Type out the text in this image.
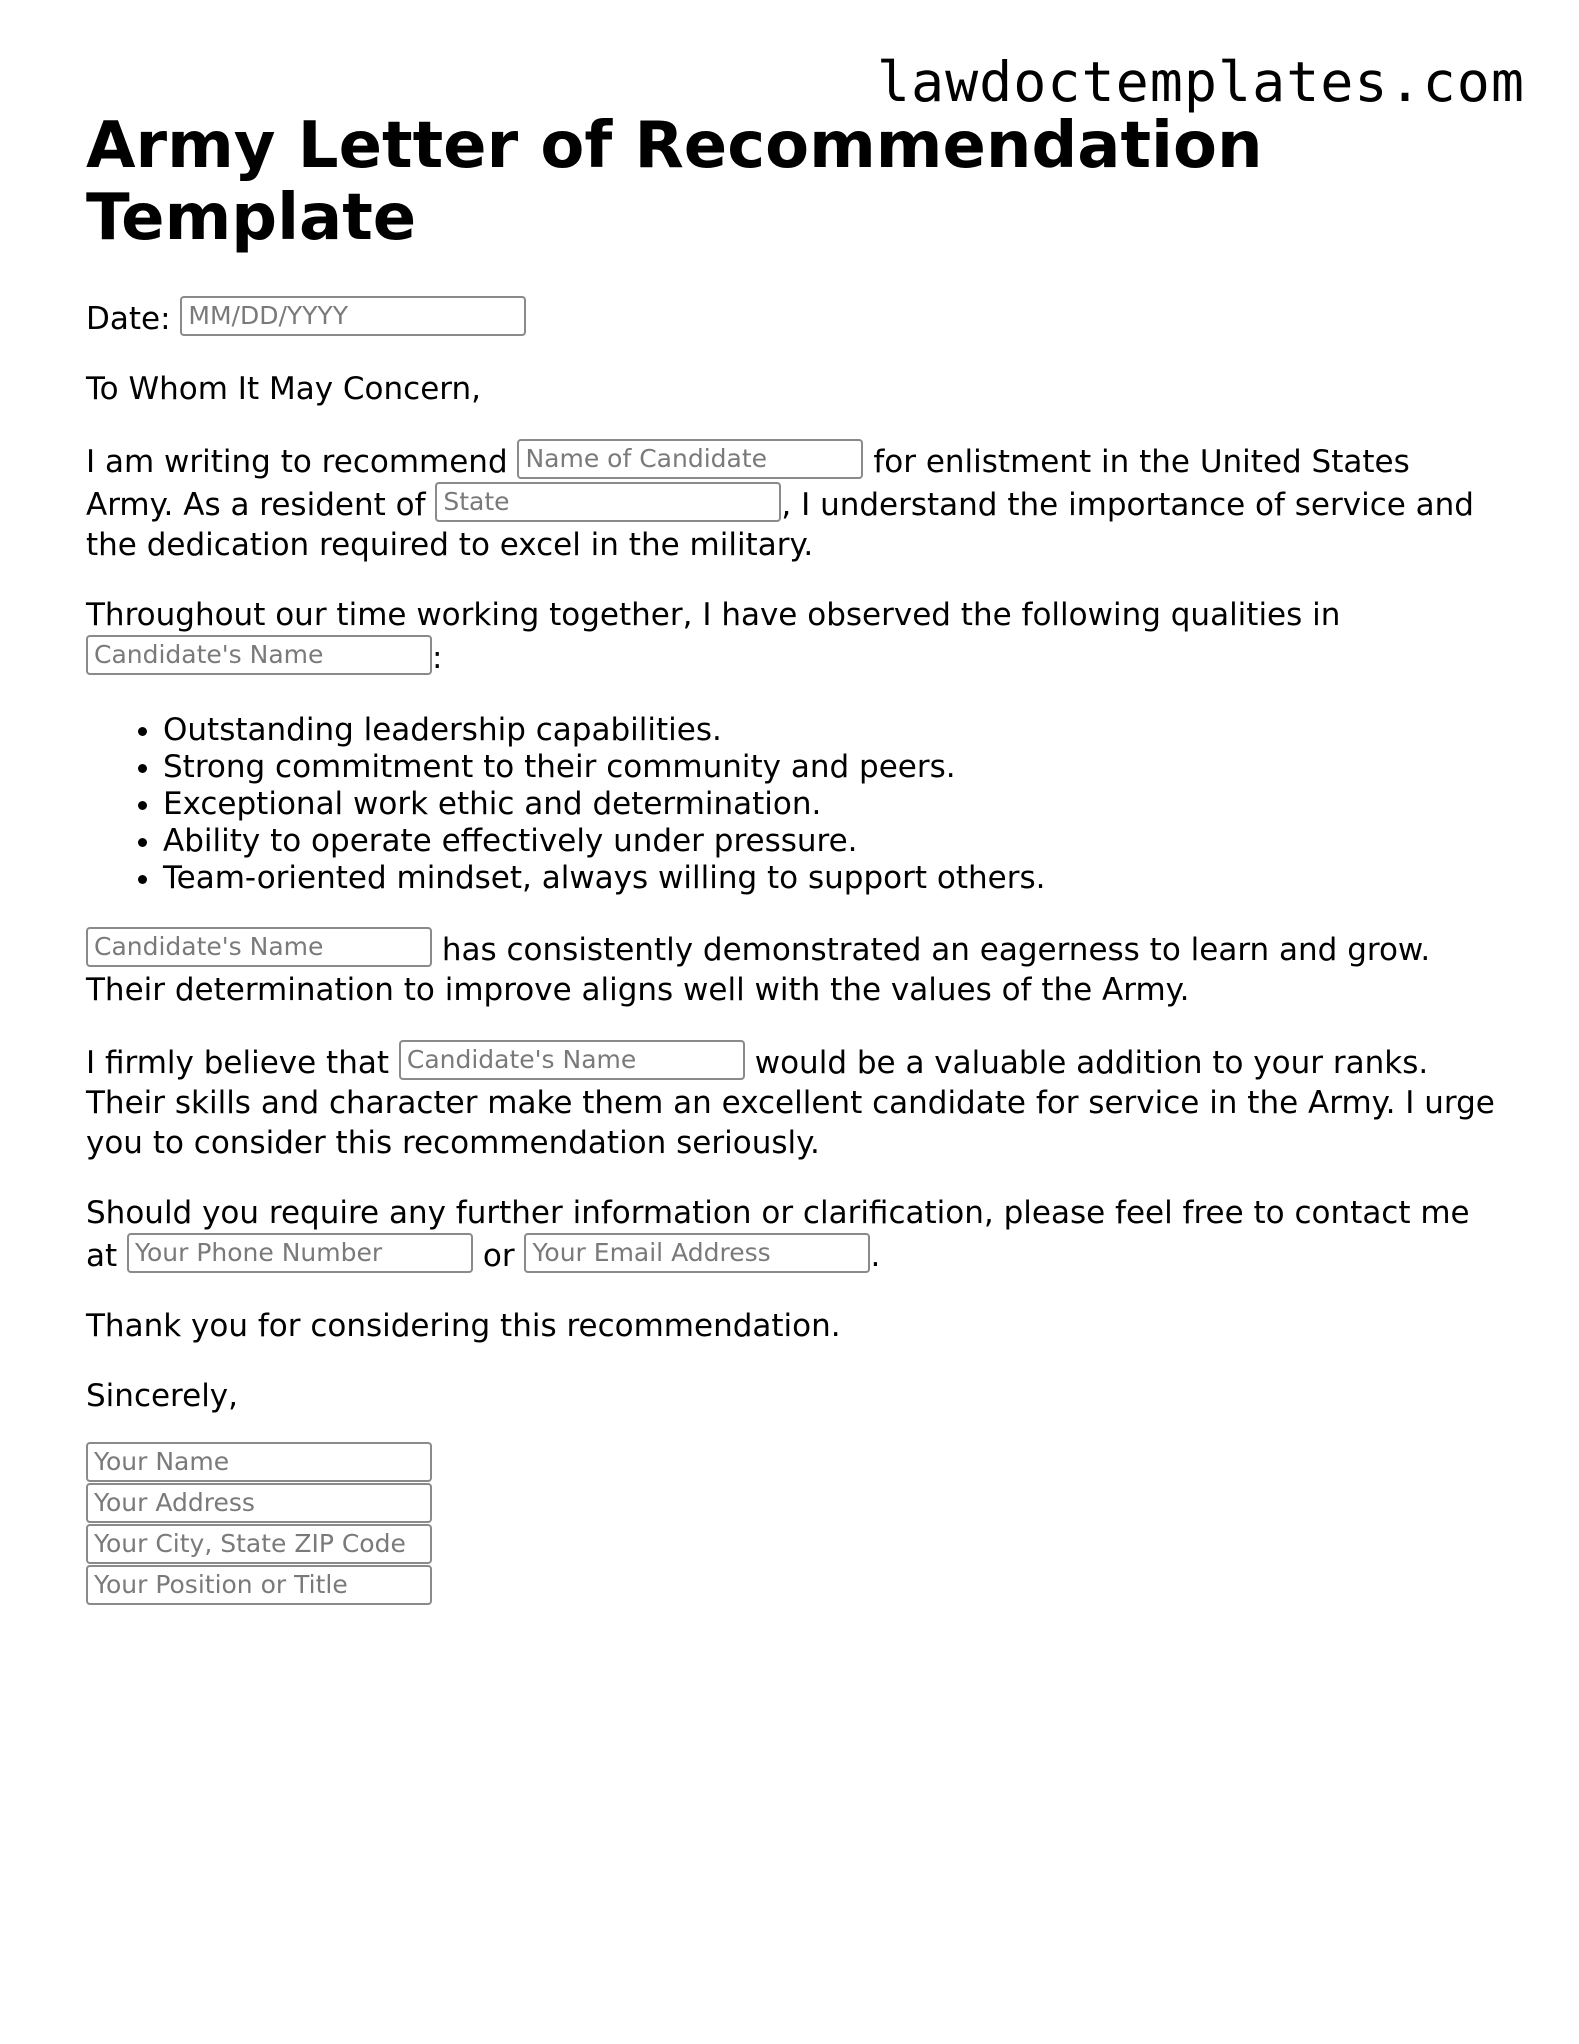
lawdoctemplates.com
Army Letter of Recommendation Template

Date: MM/DD/YYYY

To Whom It May Concern,

I am writing to recommend Name of Candidate	for enlistment in the United States Army. As a resident of State	, I understand the importance of service and the dedication required to excel in the military.

Throughout our time working together, I have observed the following qualities in Candidate's Name	:

• Outstanding leadership capabilities.
• Strong commitment to their community and peers.
• Exceptional work ethic and determination.
• Ability to operate effectively under pressure.
• Team-oriented mindset, always willing to support others.

Candidate's Name	has consistently demonstrated an eagerness to learn and grow. Their determination to improve aligns well with the values of the Army.

I firmly believe that Candidate's Name	would be a valuable addition to your ranks. Their skills and character make them an excellent candidate for service in the Army. I urge you to consider this recommendation seriously.

Should you require any further information or clarification, please feel free to contact me at Your Phone Number	or Your Email Address	.

Thank you for considering this recommendation.

Sincerely,

Your Name
Your Address
Your City, State ZIP Code
Your Position or Title
